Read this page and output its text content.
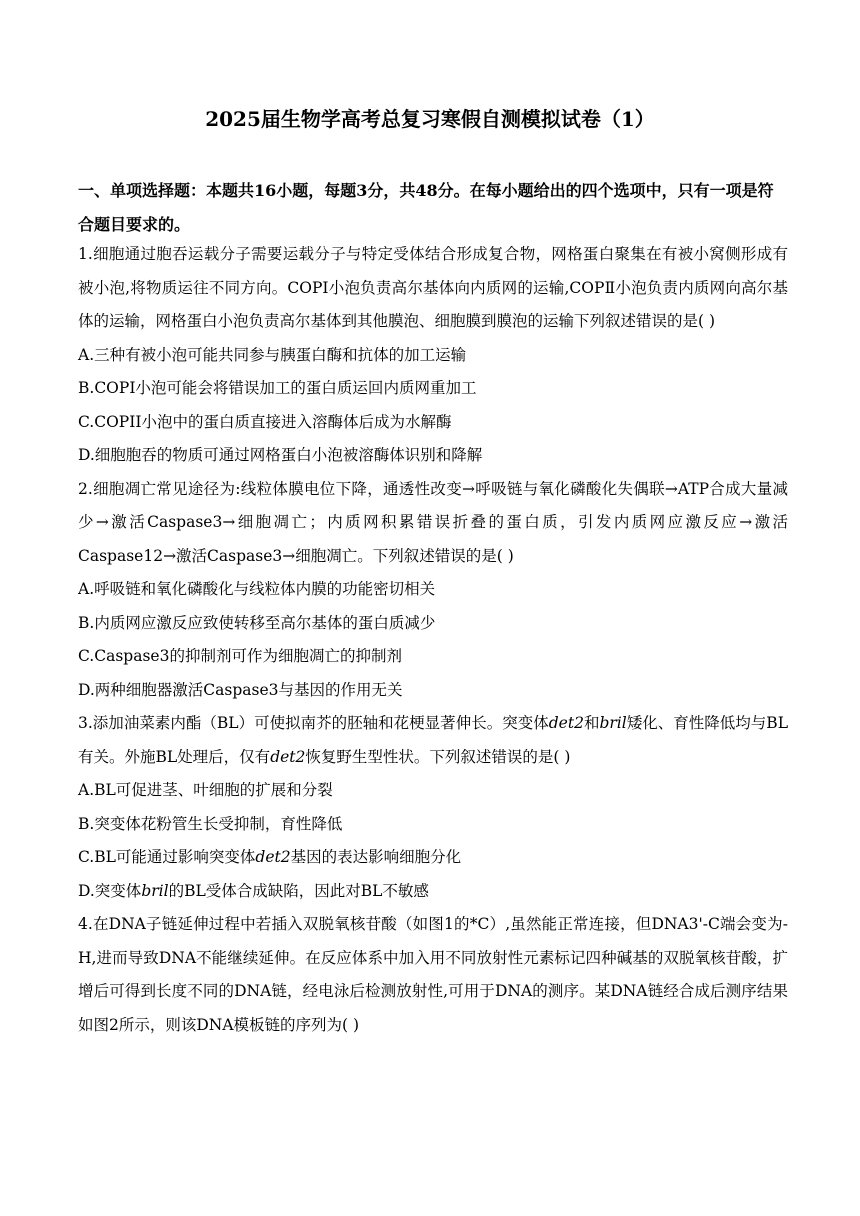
2025届生物学高考总复习寒假自测模拟试卷（1）
一、单项选择题：本题共16小题，每题3分，共48分。在每小题给出的四个选项中，只有一项是符合题目要求的。

1.细胞通过胞吞运载分子需要运载分子与特定受体结合形成复合物，网格蛋白聚集在有被小窝侧形成有被小泡,将物质运往不同方向。COPI小泡负责高尔基体向内质网的运输,COPⅡ小泡负责内质网向高尔基体的运输，网格蛋白小泡负责高尔基体到其他膜泡、细胞膜到膜泡的运输下列叙述错误的是( )

A.三种有被小泡可能共同参与胰蛋白酶和抗体的加工运输

B.COPI小泡可能会将错误加工的蛋白质运回内质网重加工

C.COPII小泡中的蛋白质直接进入溶酶体后成为水解酶

D.细胞胞吞的物质可通过网格蛋白小泡被溶酶体识别和降解

2.细胞凋亡常见途径为:线粒体膜电位下降，通透性改变→呼吸链与氧化磷酸化失偶联→ATP合成大量减少→激活Caspase3→细胞凋亡；内质网积累错误折叠的蛋白质，引发内质网应激反应→激活Caspase12→激活Caspase3→细胞凋亡。下列叙述错误的是( )

A.呼吸链和氧化磷酸化与线粒体内膜的功能密切相关

B.内质网应激反应致使转移至高尔基体的蛋白质减少

C.Caspase3的抑制剂可作为细胞凋亡的抑制剂

D.两种细胞器激活Caspase3与基因的作用无关

3.添加油菜素内酯（BL）可使拟南芥的胚轴和花梗显著伸长。突变体det2和bril矮化、育性降低均与BL有关。外施BL处理后，仅有det2恢复野生型性状。下列叙述错误的是( )

A.BL可促进茎、叶细胞的扩展和分裂

B.突变体花粉管生长受抑制，育性降低

C.BL可能通过影响突变体det2基因的表达影响细胞分化

D.突变体bril的BL受体合成缺陷，因此对BL不敏感

4.在DNA子链延伸过程中若插入双脱氧核苷酸（如图1的*C）,虽然能正常连接，但DNA3'-C端会变为-H,进而导致DNA不能继续延伸。在反应体系中加入用不同放射性元素标记四种碱基的双脱氧核苷酸，扩增后可得到长度不同的DNA链，经电泳后检测放射性,可用于DNA的测序。某DNA链经合成后测序结果如图2所示，则该DNA模板链的序列为( )
